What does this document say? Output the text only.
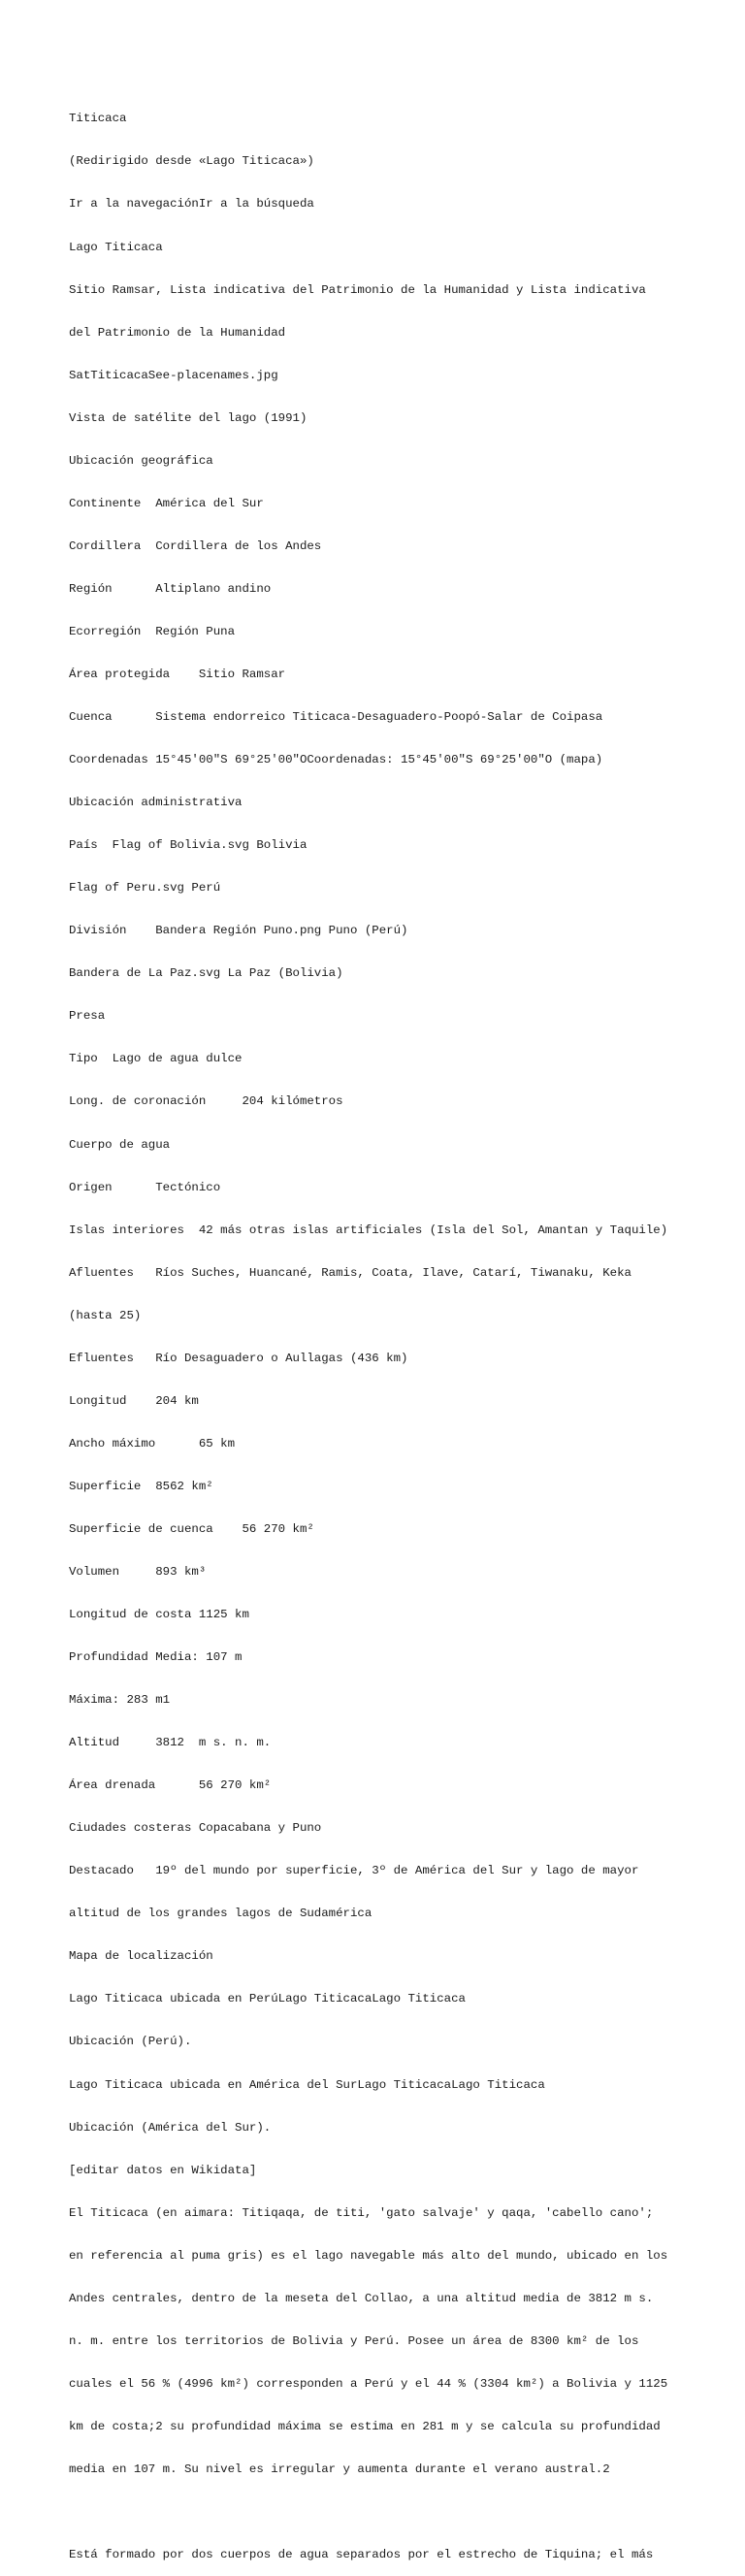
Titicaca

(Redirigido desde «Lago Titicaca»)

Ir a la navegaciónIr a la búsqueda

Lago Titicaca

Sitio Ramsar, Lista indicativa del Patrimonio de la Humanidad y Lista indicativa

del Patrimonio de la Humanidad

SatTiticacaSee-placenames.jpg

Vista de satélite del lago (1991)

Ubicación geográfica

Continente  América del Sur

Cordillera  Cordillera de los Andes

Región      Altiplano andino

Ecorregión  Región Puna

Área protegida    Sitio Ramsar

Cuenca      Sistema endorreico Titicaca-Desaguadero-Poopó-Salar de Coipasa

Coordenadas 15°45′00″S 69°25′00″OCoordenadas: 15°45′00″S 69°25′00″O (mapa)

Ubicación administrativa

País  Flag of Bolivia.svg Bolivia

Flag of Peru.svg Perú

División    Bandera Región Puno.png Puno (Perú)

Bandera de La Paz.svg La Paz (Bolivia)

Presa

Tipo  Lago de agua dulce

Long. de coronación     204 kilómetros

Cuerpo de agua

Origen      Tectónico

Islas interiores  42 más otras islas artificiales (Isla del Sol, Amantan y Taquile)

Afluentes   Ríos Suches, Huancané, Ramis, Coata, Ilave, Catarí, Tiwanaku, Keka

(hasta 25)

Efluentes   Río Desaguadero o Aullagas (436 km)

Longitud    204 km

Ancho máximo      65 km

Superficie  8562 km²

Superficie de cuenca    56 270 km²

Volumen     893 km³

Longitud de costa 1125 km

Profundidad Media: 107 m

Máxima: 283 m1

Altitud     3812  m s. n. m.

Área drenada      56 270 km²

Ciudades costeras Copacabana y Puno

Destacado   19º del mundo por superficie, 3º de América del Sur y lago de mayor

altitud de los grandes lagos de Sudamérica

Mapa de localización

Lago Titicaca ubicada en PerúLago TiticacaLago Titicaca

Ubicación (Perú).

Lago Titicaca ubicada en América del SurLago TiticacaLago Titicaca

Ubicación (América del Sur).

[editar datos en Wikidata]

El Titicaca (en aimara: Titiqaqa, de titi, 'gato salvaje' y qaqa, 'cabello cano';

en referencia al puma gris) es el lago navegable más alto del mundo, ubicado en los

Andes centrales, dentro de la meseta del Collao, a una altitud media de 3812 m s.

n. m. entre los territorios de Bolivia y Perú. Posee un área de 8300 km² de los

cuales el 56 % (4996 km²) corresponden a Perú y el 44 % (3304 km²) a Bolivia y 1125

km de costa;2 su profundidad máxima se estima en 281 m y se calcula su profundidad

media en 107 m. Su nivel es irregular y aumenta durante el verano austral.2

Está formado por dos cuerpos de agua separados por el estrecho de Tiquina; el más
